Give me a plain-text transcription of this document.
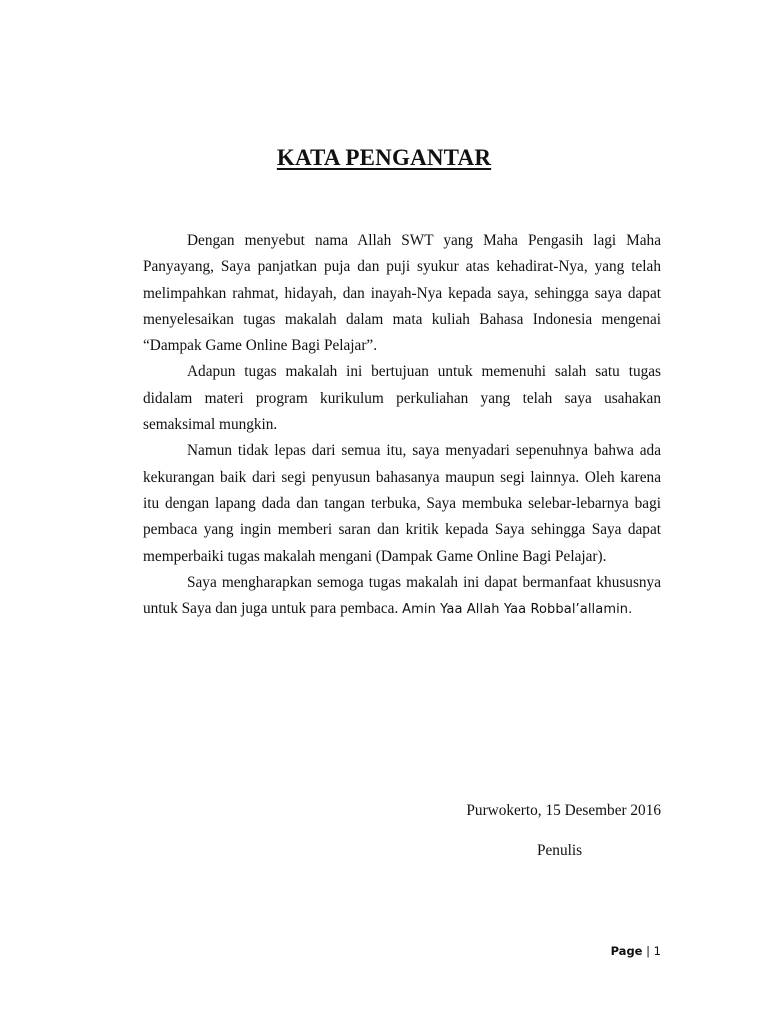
KATA PENGANTAR

Dengan menyebut nama Allah SWT yang Maha Pengasih lagi Maha Panyayang, Saya panjatkan puja dan puji syukur atas kehadirat-Nya, yang telah melimpahkan rahmat, hidayah, dan inayah-Nya kepada saya, sehingga saya dapat menyelesaikan tugas makalah dalam mata kuliah Bahasa Indonesia mengenai “Dampak Game Online Bagi Pelajar”.

Adapun tugas makalah ini bertujuan untuk memenuhi salah satu tugas didalam materi program kurikulum perkuliahan yang telah saya usahakan semaksimal mungkin.

Namun tidak lepas dari semua itu, saya menyadari sepenuhnya bahwa ada kekurangan baik dari segi penyusun bahasanya maupun segi lainnya. Oleh karena itu dengan lapang dada dan tangan terbuka, Saya membuka selebar-lebarnya bagi pembaca yang ingin memberi saran dan kritik kepada Saya sehingga Saya dapat memperbaiki tugas makalah mengani (Dampak Game Online Bagi Pelajar).

Saya mengharapkan semoga tugas makalah ini dapat bermanfaat khususnya untuk Saya dan juga untuk para pembaca. Amin Yaa Allah Yaa Robbal’allamin.

Purwokerto, 15 Desember 2016
Penulis
Page | 1
